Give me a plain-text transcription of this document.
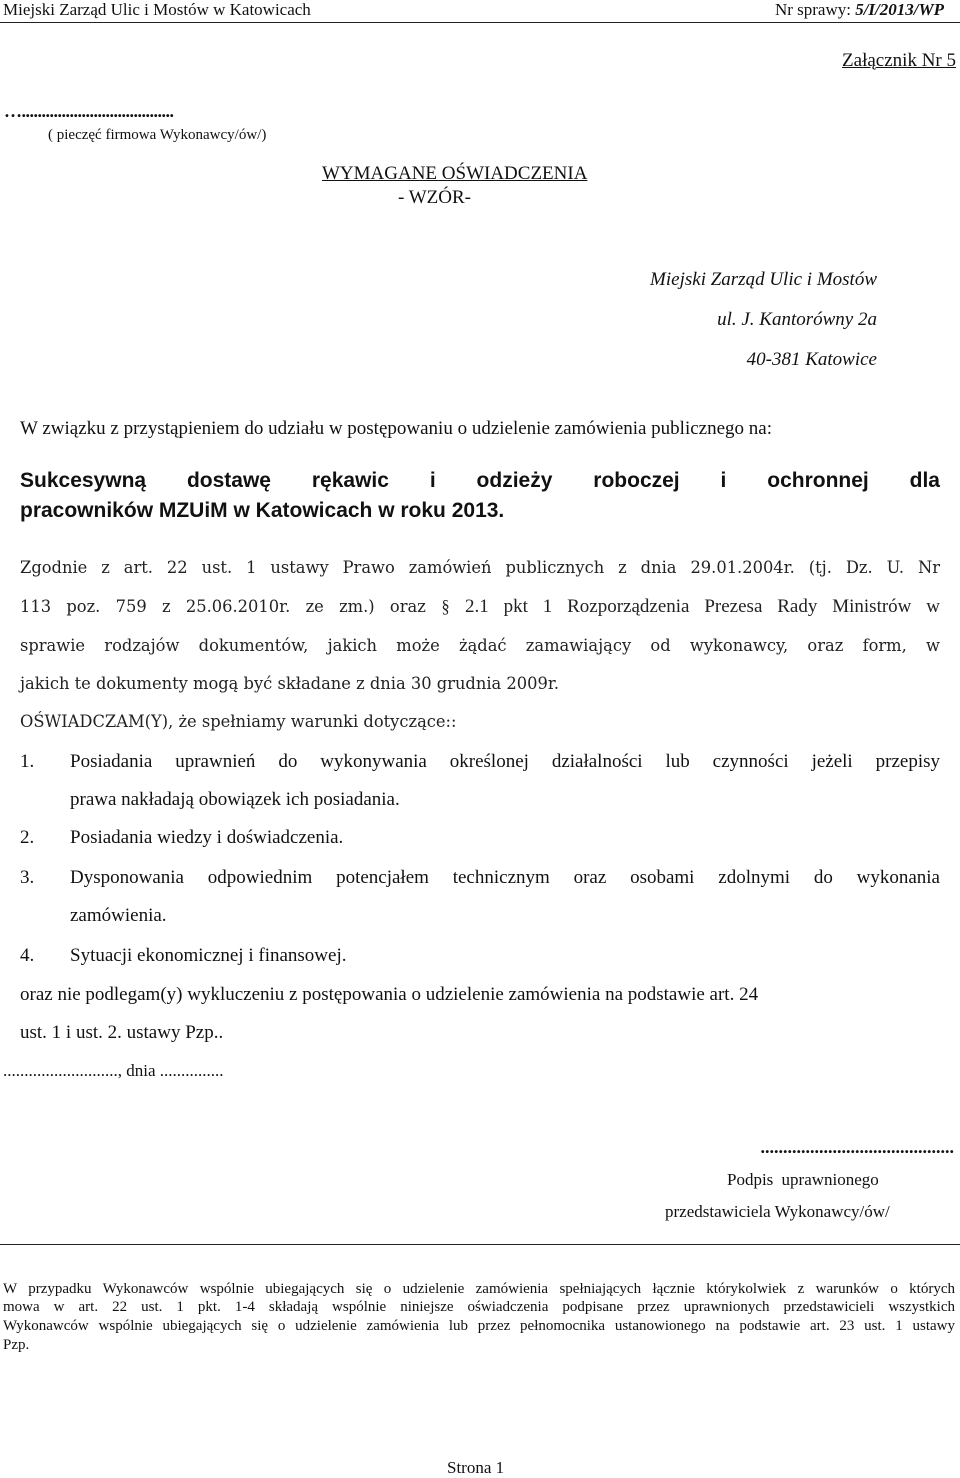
Miejski Zarząd Ulic i Mostów w Katowicach	Nr sprawy: 5/I/2013/WP
Załącznik Nr 5
…......................................
( pieczęć firmowa Wykonawcy/ów/)
WYMAGANE OŚWIADCZENIA
- WZÓR-
Miejski Zarząd Ulic i Mostów
ul. J. Kantorówny 2a
40-381 Katowice
W związku z przystąpieniem do udziału w postępowaniu o udzielenie zamówienia publicznego na:
Sukcesywną dostawę rękawic i odzieży roboczej i ochronnej dla
pracowników MZUiM w Katowicach w roku 2013.
Zgodnie z art. 22 ust. 1 ustawy Prawo zamówień publicznych z dnia 29.01.2004r. (tj. Dz. U. Nr
113 poz. 759 z 25.06.2010r. ze zm.) oraz § 2.1 pkt 1 Rozporządzenia Prezesa Rady Ministrów w
sprawie rodzajów dokumentów, jakich może żądać zamawiający od wykonawcy, oraz form, w
jakich te dokumenty mogą być składane z dnia 30 grudnia 2009r.
OŚWIADCZAM(Y), że spełniamy warunki dotyczące::
1. Posiadania uprawnień do wykonywania określonej działalności lub czynności jeżeli przepisy
prawa nakładają obowiązek ich posiadania.
2. Posiadania wiedzy i doświadczenia.
3. Dysponowania odpowiednim potencjałem technicznym oraz osobami zdolnymi do wykonania
zamówienia.
4. Sytuacji ekonomicznej i finansowej.
oraz nie podlegam(y) wykluczeniu z postępowania o udzielenie zamówienia na podstawie art. 24
ust. 1 i ust. 2. ustawy Pzp..
..........................., dnia ...............
...........................................
Podpis uprawnionego
przedstawiciela Wykonawcy/ów/
W przypadku Wykonawców wspólnie ubiegających się o udzielenie zamówienia spełniających łącznie którykolwiek z warunków o których
mowa w art. 22 ust. 1 pkt. 1-4 składają wspólnie niniejsze oświadczenia podpisane przez uprawnionych przedstawicieli wszystkich
Wykonawców wspólnie ubiegających się o udzielenie zamówienia lub przez pełnomocnika ustanowionego na podstawie art. 23 ust. 1 ustawy
Pzp.
Strona 1
